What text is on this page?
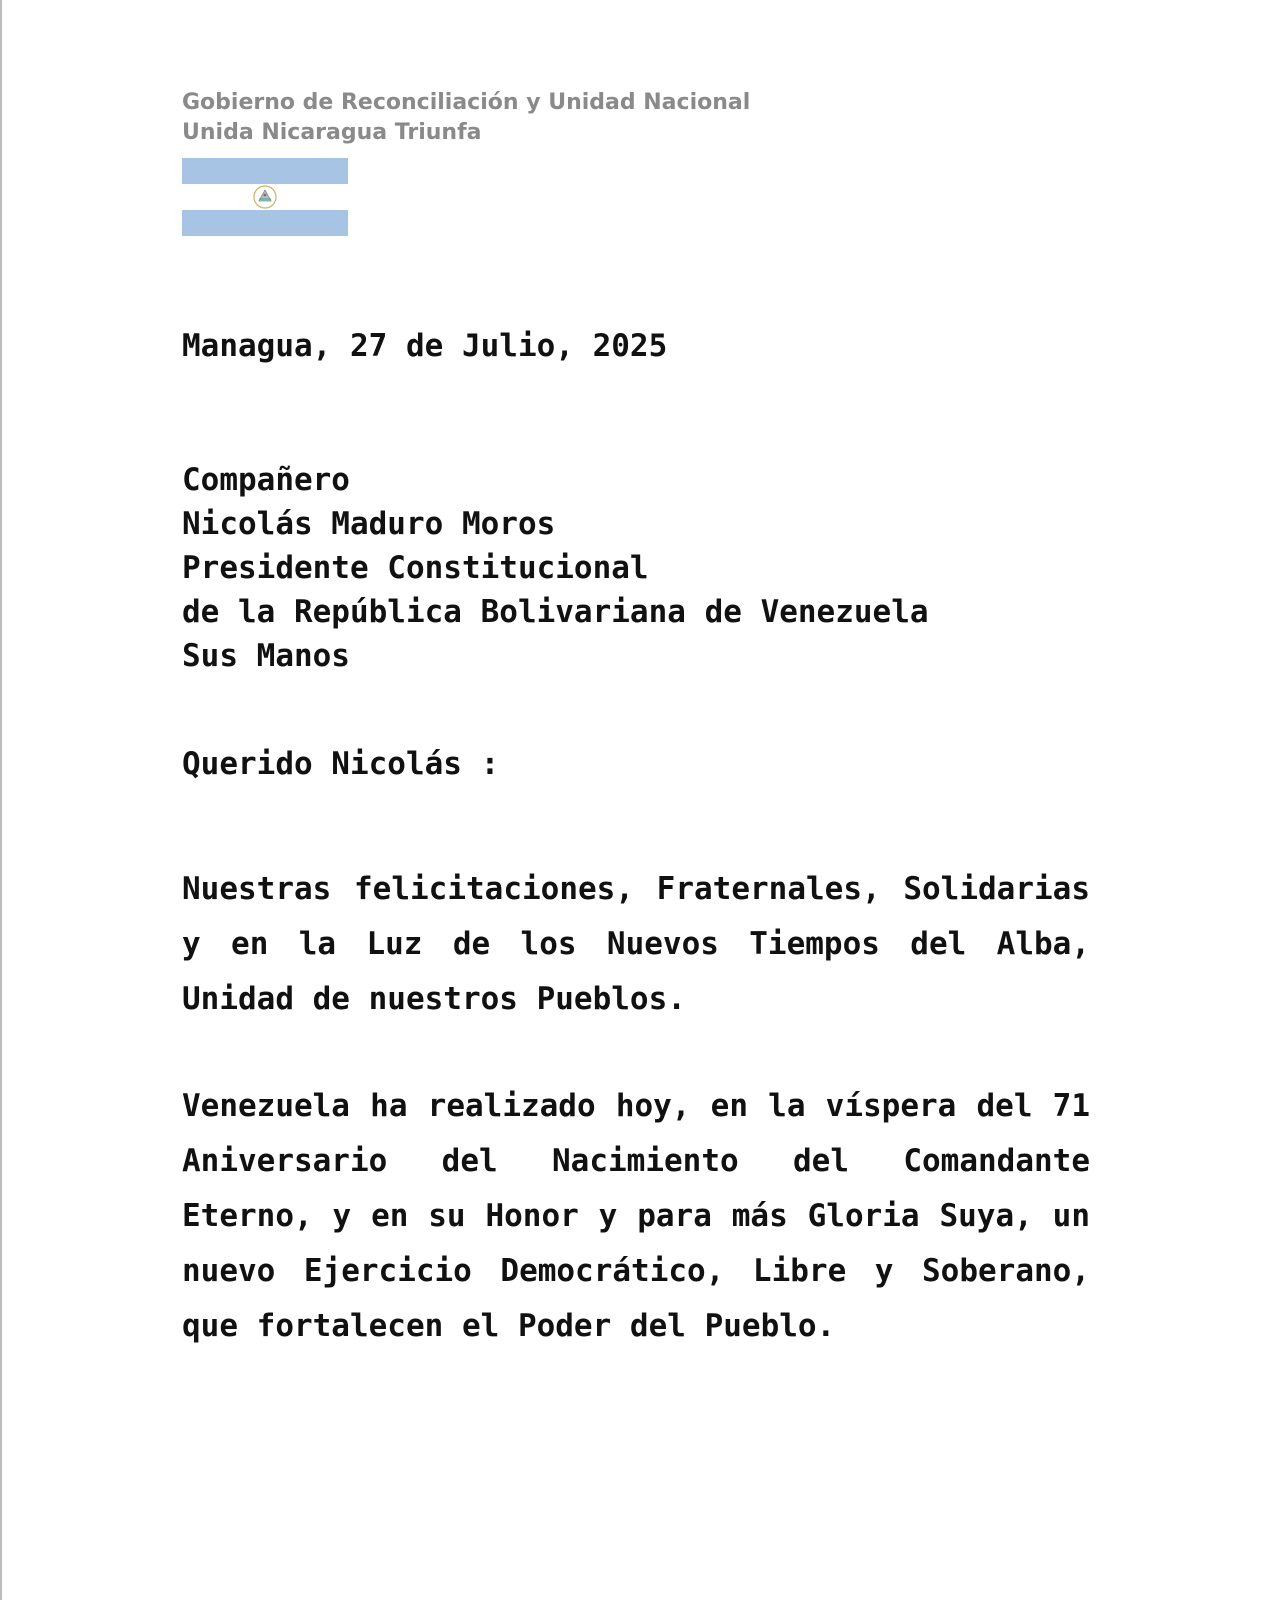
Gobierno de Reconciliación y Unidad Nacional
Unida Nicaragua Triunfa
Managua, 27 de Julio, 2025
Compañero
Nicolás Maduro Moros
Presidente Constitucional
de la República Bolivariana de Venezuela
Sus Manos
Querido Nicolás :
Nuestras felicitaciones, Fraternales, Solidarias y en la Luz de los Nuevos Tiempos del Alba, Unidad de nuestros Pueblos.
Venezuela ha realizado hoy, en la víspera del 71 Aniversario del Nacimiento del Comandante Eterno, y en su Honor y para más Gloria Suya, un nuevo Ejercicio Democrático, Libre y Soberano, que fortalecen el Poder del Pueblo.
